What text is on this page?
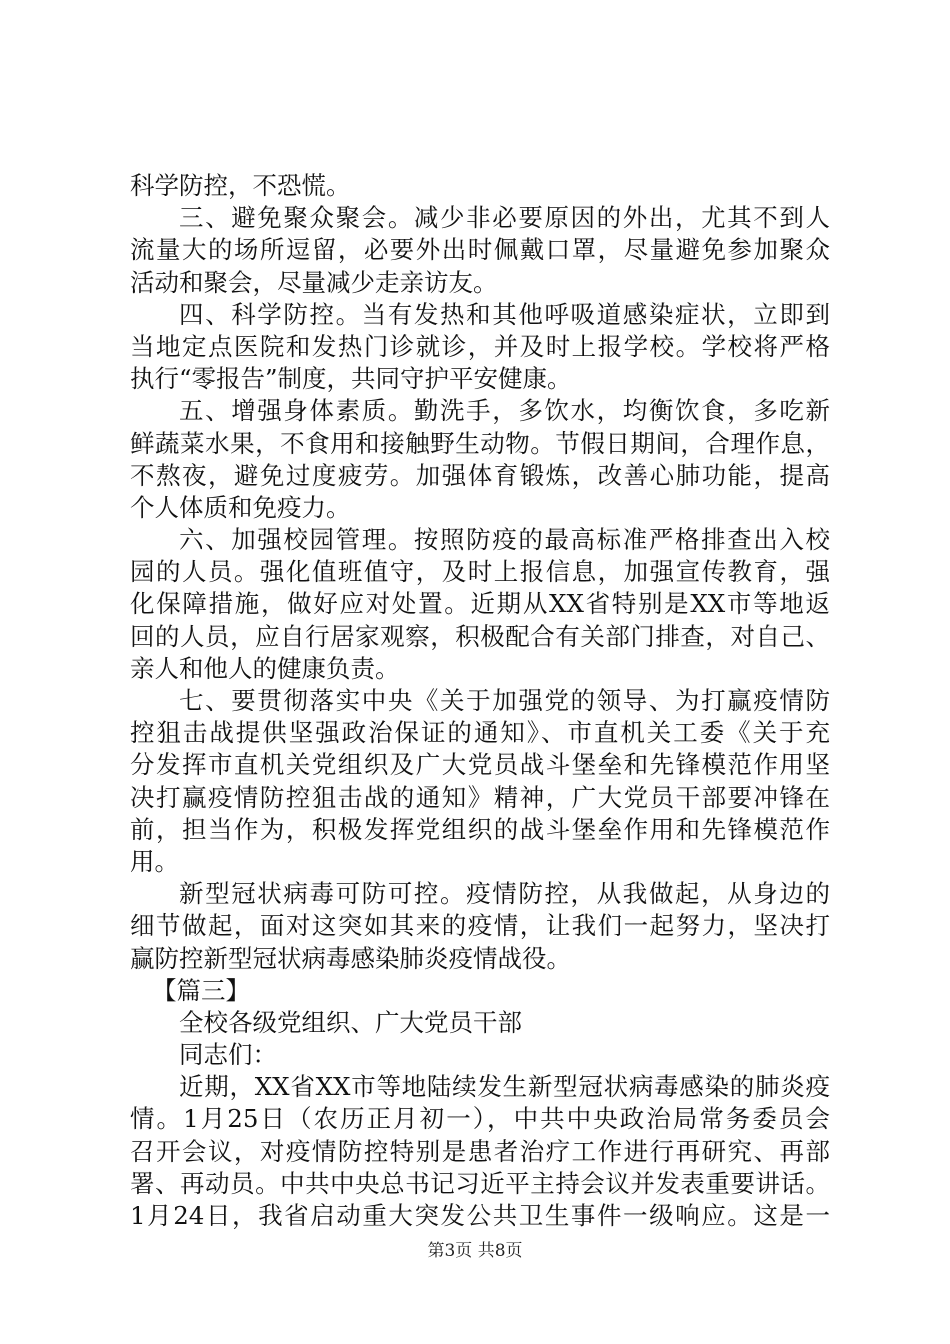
科学防控，不恐慌。
三、避免聚众聚会。减少非必要原因的外出，尤其不到人
流量大的场所逗留，必要外出时佩戴口罩，尽量避免参加聚众
活动和聚会，尽量减少走亲访友。
四、科学防控。当有发热和其他呼吸道感染症状，立即到
当地定点医院和发热门诊就诊，并及时上报学校。学校将严格
执行“零报告”制度，共同守护平安健康。
五、增强身体素质。勤洗手，多饮水，均衡饮食，多吃新
鲜蔬菜水果，不食用和接触野生动物。节假日期间，合理作息，
不熬夜，避免过度疲劳。加强体育锻炼，改善心肺功能，提高
个人体质和免疫力。
六、加强校园管理。按照防疫的最高标准严格排查出入校
园的人员。强化值班值守，及时上报信息，加强宣传教育，强
化保障措施，做好应对处置。近期从XX省特别是XX市等地返
回的人员，应自行居家观察，积极配合有关部门排查，对自己、
亲人和他人的健康负责。
七、要贯彻落实中央《关于加强党的领导、为打赢疫情防
控狙击战提供坚强政治保证的通知》、市直机关工委《关于充
分发挥市直机关党组织及广大党员战斗堡垒和先锋模范作用坚
决打赢疫情防控狙击战的通知》精神，广大党员干部要冲锋在
前，担当作为，积极发挥党组织的战斗堡垒作用和先锋模范作
用。
新型冠状病毒可防可控。疫情防控，从我做起，从身边的
细节做起，面对这突如其来的疫情，让我们一起努力，坚决打
赢防控新型冠状病毒感染肺炎疫情战役。
【篇三】
全校各级党组织、广大党员干部
同志们：
近期，XX省XX市等地陆续发生新型冠状病毒感染的肺炎疫
情。1月25日（农历正月初一），中共中央政治局常务委员会
召开会议，对疫情防控特别是患者治疗工作进行再研究、再部
署、再动员。中共中央总书记习近平主持会议并发表重要讲话。
1月24日，我省启动重大突发公共卫生事件一级响应。这是一
第3页 共8页
